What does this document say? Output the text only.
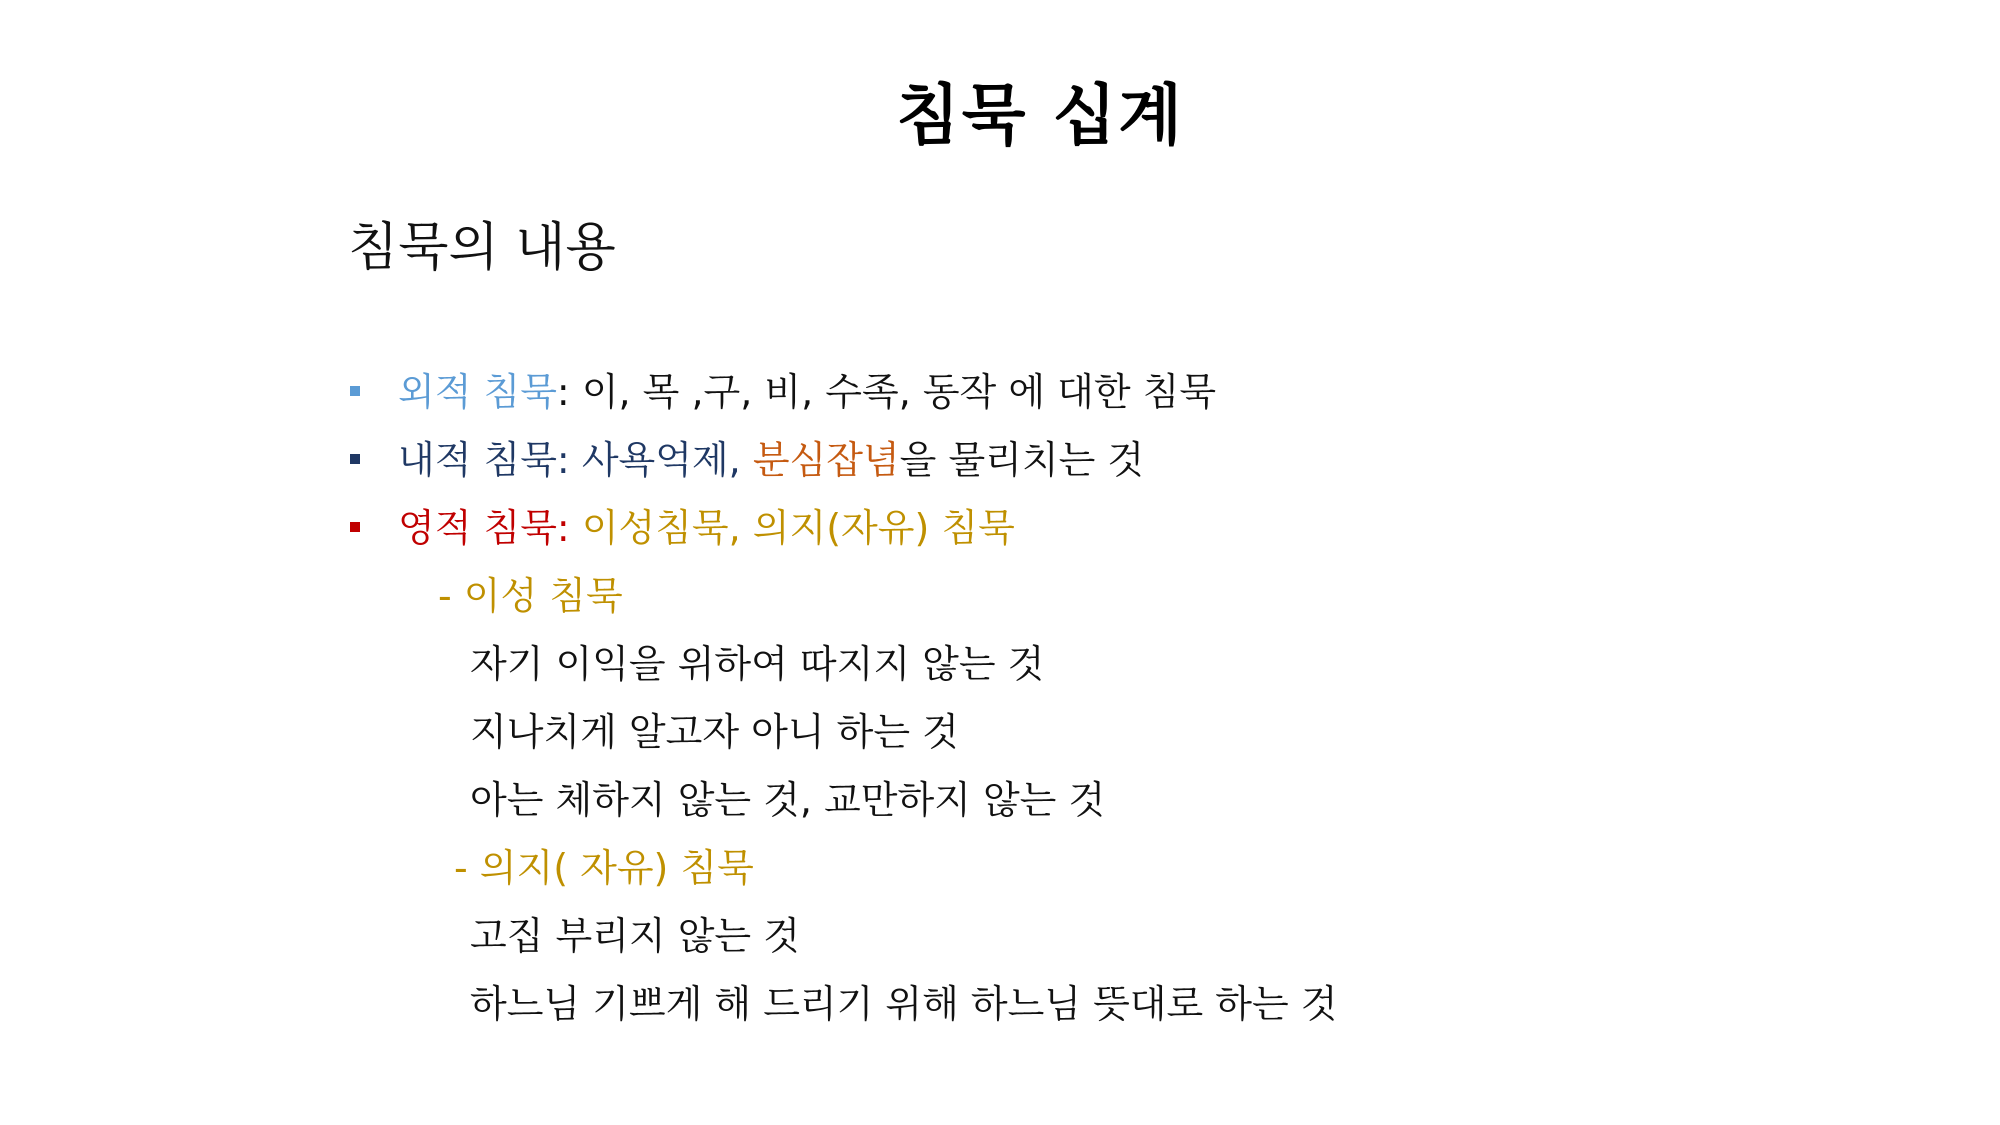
침묵 십계
침묵의 내용
외적 침묵: 이, 목 ,구, 비, 수족, 동작 에 대한 침묵
내적 침묵: 사욕억제, 분심잡념을 물리치는 것
영적 침묵: 이성침묵, 의지(자유) 침묵
- 이성 침묵
자기 이익을 위하여 따지지 않는 것
지나치게 알고자 아니 하는 것
아는 체하지 않는 것, 교만하지 않는 것
- 의지( 자유) 침묵
고집 부리지 않는 것
하느님 기쁘게 해 드리기 위해 하느님 뜻대로 하는 것
